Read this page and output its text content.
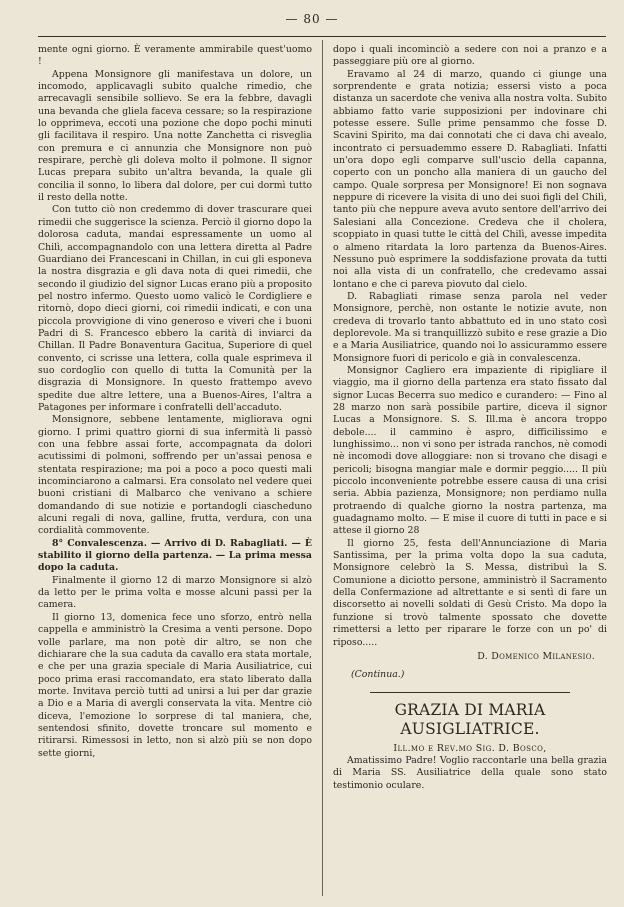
— 80 —

mente ogni giorno. È veramente ammirabile quest'uomo !

Appena Monsignore gli manifestava un dolore, un incomodo, applicavagli subito qualche rimedio, che arrecavagli sensibile sollievo. Se era la febbre, davagli una bevanda che gliela faceva cessare; so la respirazione lo opprimeva, eccoti una pozione che dopo pochi minuti gli facilitava il respiro. Una notte Zanchetta ci risveglia con premura e ci annunzia che Monsignore non può respirare, perchè gli doleva molto il polmone. Il signor Lucas prepara subito un'altra bevanda, la quale gli concilia il sonno, lo libera dal dolore, per cui dormì tutto il resto della notte.

Con tutto ciò non credemmo di dover trascurare quei rimedii che suggerisce la scienza. Perciò il giorno dopo la dolorosa caduta, mandai espressamente un uomo al Chilì, accompagnandolo con una lettera diretta al Padre Guardiano dei Francescani in Chillan, in cui gli esponeva la nostra disgrazia e gli dava nota di quei rimedii, che secondo il giudizio del signor Lucas erano più a proposito pel nostro infermo. Questo uomo valicò le Cordigliere e ritornò, dopo dieci giorni, coi rimedii indicati, e con una piccola provvigione di vino generoso e viveri che i buoni Padri di S. Francesco ebbero la carità di inviarci da Chillan. Il Padre Bonaventura Gacitua, Superiore di quel convento, ci scrisse una lettera, colla quale esprimeva il suo cordoglio con quello di tutta la Comunità per la disgrazia di Monsignore. In questo frattempo avevo spedite due altre lettere, una a Buenos-Aires, l'altra a Patagones per informare i confratelli dell'accaduto.

Monsignore, sebbene lentamente, migliorava ogni giorno. I primi quattro giorni di sua infermità li passò con una febbre assai forte, accompagnata da dolori acutissimi di polmoni, soffrendo per un'assai penosa e stentata respirazione; ma poi a poco a poco questi mali incominciarono a calmarsi. Era consolato nel vedere quei buoni cristiani di Malbarco che venivano a schiere domandando di sue notizie e portandogli ciascheduno alcuni regali di nova, galline, frutta, verdura, con una cordialità commovente.

8° Convalescenza. — Arrivo di D. Rabagliati. — È stabilito il giorno della partenza. — La prima messa dopo la caduta.

Finalmente il giorno 12 di marzo Monsignore si alzò da letto per le prima volta e mosse alcuni passi per la camera.

Il giorno 13, domenica fece uno sforzo, entrò nella cappella e amministrò la Cresima a venti persone. Dopo volle parlare, ma non potè dir altro, se non che dichiarare che la sua caduta da cavallo era stata mortale, e che per una grazia speciale di Maria Ausiliatrice, cui poco prima erasi raccomandato, era stato liberato dalla morte. Invitava perciò tutti ad unirsi a lui per dar grazie a Dio e a Maria di avergli conservata la vita. Mentre ciò diceva, l'emozione lo sorprese di tal maniera, che, sentendosi sfinito, dovette troncare sul momento e ritirarsi. Rimessosi in letto, non si alzò più se non dopo sette giorni,

dopo i quali incominciò a sedere con noi a pranzo e a passeggiare più ore al giorno.

Eravamo al 24 di marzo, quando ci giunge una sorprendente e grata notizia; essersi visto a poca distanza un sacerdote che veniva alla nostra volta. Subito abbiamo fatto varie supposizioni per indovinare chi potesse essere. Sulle prime pensammo che fosse D. Scavini Spirito, ma dai connotati che ci dava chi avealo, incontrato ci persuademmo essere D. Rabagliati. Infatti un'ora dopo egli comparve sull'uscio della capanna, coperto con un poncho alla maniera di un gaucho del campo. Quale sorpresa per Monsignore! Ei non sognava neppure di ricevere la visita di uno dei suoi figli del Chilì, tanto più che neppure aveva avuto sentore dell'arrivo dei Salesiani alla Concezione. Credeva che il cholera, scoppiato in quasi tutte le città del Chilì, avesse impedita o almeno ritardata la loro partenza da Buenos-Aires. Nessuno può esprimere la soddisfazione provata da tutti noi alla vista di un confratello, che credevamo assai lontano e che ci pareva piovuto dal cielo.

D. Rabagliati rimase senza parola nel veder Monsignore, perchè, non ostante le notizie avute, non credeva di trovarlo tanto abbattuto ed in uno stato così deplorevole. Ma si tranquillizzò subito e rese grazie a Dio e a Maria Ausiliatrice, quando noi lo assicurammo essere Monsignore fuori di pericolo e già in convalescenza.

Monsignor Cagliero era impaziente di ripigliare il viaggio, ma il giorno della partenza era stato fissato dal signor Lucas Becerra suo medico e curandero: — Fino al 28 marzo non sarà possibile partire, diceva il signor Lucas a Monsignore. S. S. Ill.ma è ancora troppo debole.... il cammino è aspro, difficilissimo e lunghissimo... non vi sono per istrada ranchos, nè comodi nè incomodi dove alloggiare: non si trovano che disagi e pericoli; bisogna mangiar male e dormir peggio..... Il più piccolo inconveniente potrebbe essere causa di una crisi seria. Abbia pazienza, Monsignore; non perdiamo nulla protraendo di qualche giorno la nostra partenza, ma guadagnamo molto. — E mise il cuore di tutti in pace e si attese il giorno 28

Il giorno 25, festa dell'Annunciazione di Maria Santissima, per la prima volta dopo la sua caduta, Monsignore celebrò la S. Messa, distribuì la S. Comunione a diciotto persone, amministrò il Sacramento della Confermazione ad altrettante e si sentì di fare un discorsetto ai novelli soldati di Gesù Cristo. Ma dopo la funzione si trovò talmente spossato che dovette rimettersi a letto per riparare le forze con un po' di riposo.....

D. Domenico Milanesio.
(Continua.)
GRAZIA DI MARIA AUSIGLIATRICE.
Ill.mo e Rev.mo Sig. D. Bosco,

Amatissimo Padre! Voglio raccontarle una bella grazia di Maria SS. Ausiliatrice della quale sono stato testimonio oculare.
